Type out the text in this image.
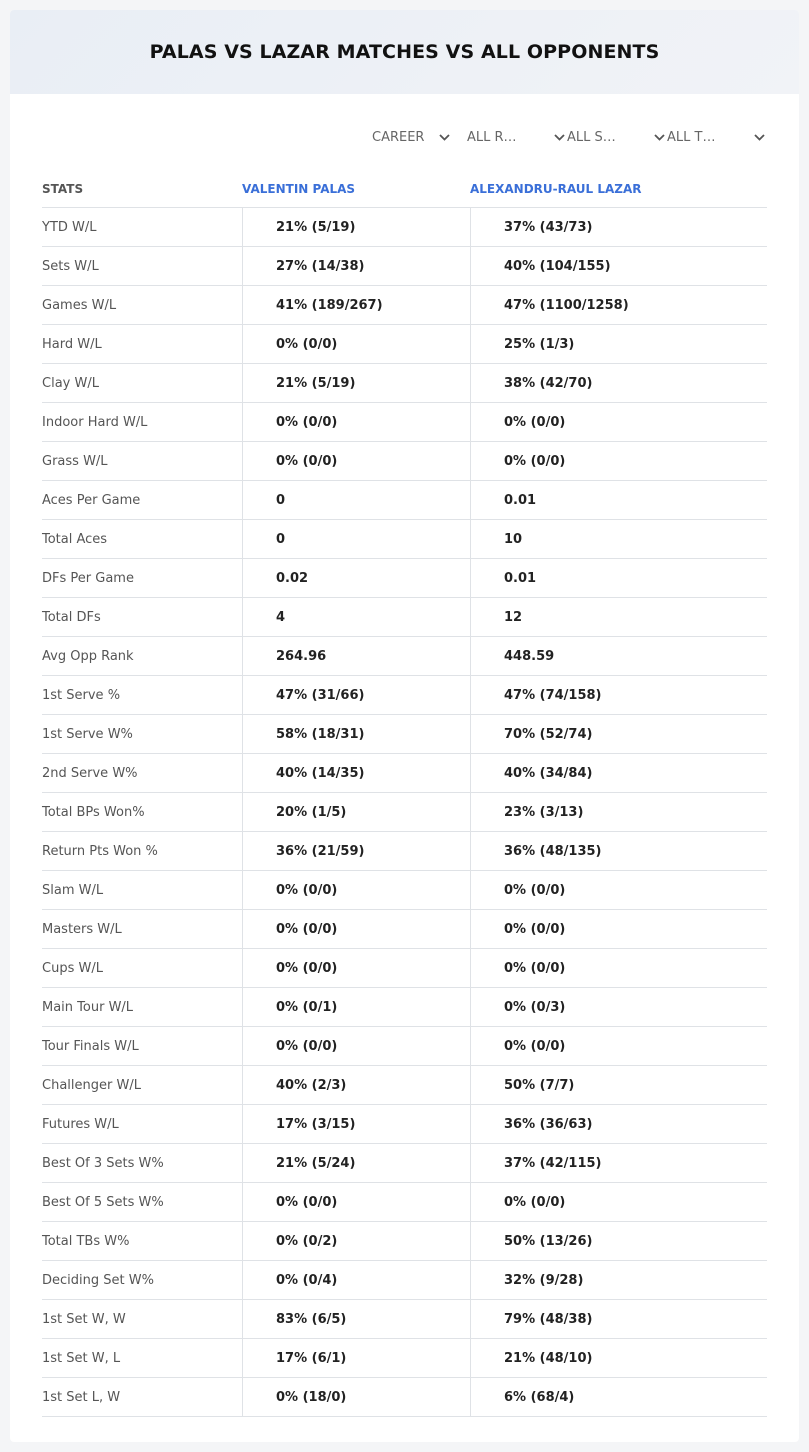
PALAS VS LAZAR MATCHES VS ALL OPPONENTS
CAREER	ALL R…	ALL S…	ALL T…
STATS	VALENTIN PALAS	ALEXANDRU-RAUL LAZAR
YTD W/L	21% (5/19)	37% (43/73)
Sets W/L	27% (14/38)	40% (104/155)
Games W/L	41% (189/267)	47% (1100/1258)
Hard W/L	0% (0/0)	25% (1/3)
Clay W/L	21% (5/19)	38% (42/70)
Indoor Hard W/L	0% (0/0)	0% (0/0)
Grass W/L	0% (0/0)	0% (0/0)
Aces Per Game	0	0.01
Total Aces	0	10
DFs Per Game	0.02	0.01
Total DFs	4	12
Avg Opp Rank	264.96	448.59
1st Serve %	47% (31/66)	47% (74/158)
1st Serve W%	58% (18/31)	70% (52/74)
2nd Serve W%	40% (14/35)	40% (34/84)
Total BPs Won%	20% (1/5)	23% (3/13)
Return Pts Won %	36% (21/59)	36% (48/135)
Slam W/L	0% (0/0)	0% (0/0)
Masters W/L	0% (0/0)	0% (0/0)
Cups W/L	0% (0/0)	0% (0/0)
Main Tour W/L	0% (0/1)	0% (0/3)
Tour Finals W/L	0% (0/0)	0% (0/0)
Challenger W/L	40% (2/3)	50% (7/7)
Futures W/L	17% (3/15)	36% (36/63)
Best Of 3 Sets W%	21% (5/24)	37% (42/115)
Best Of 5 Sets W%	0% (0/0)	0% (0/0)
Total TBs W%	0% (0/2)	50% (13/26)
Deciding Set W%	0% (0/4)	32% (9/28)
1st Set W, W	83% (6/5)	79% (48/38)
1st Set W, L	17% (6/1)	21% (48/10)
1st Set L, W	0% (18/0)	6% (68/4)
